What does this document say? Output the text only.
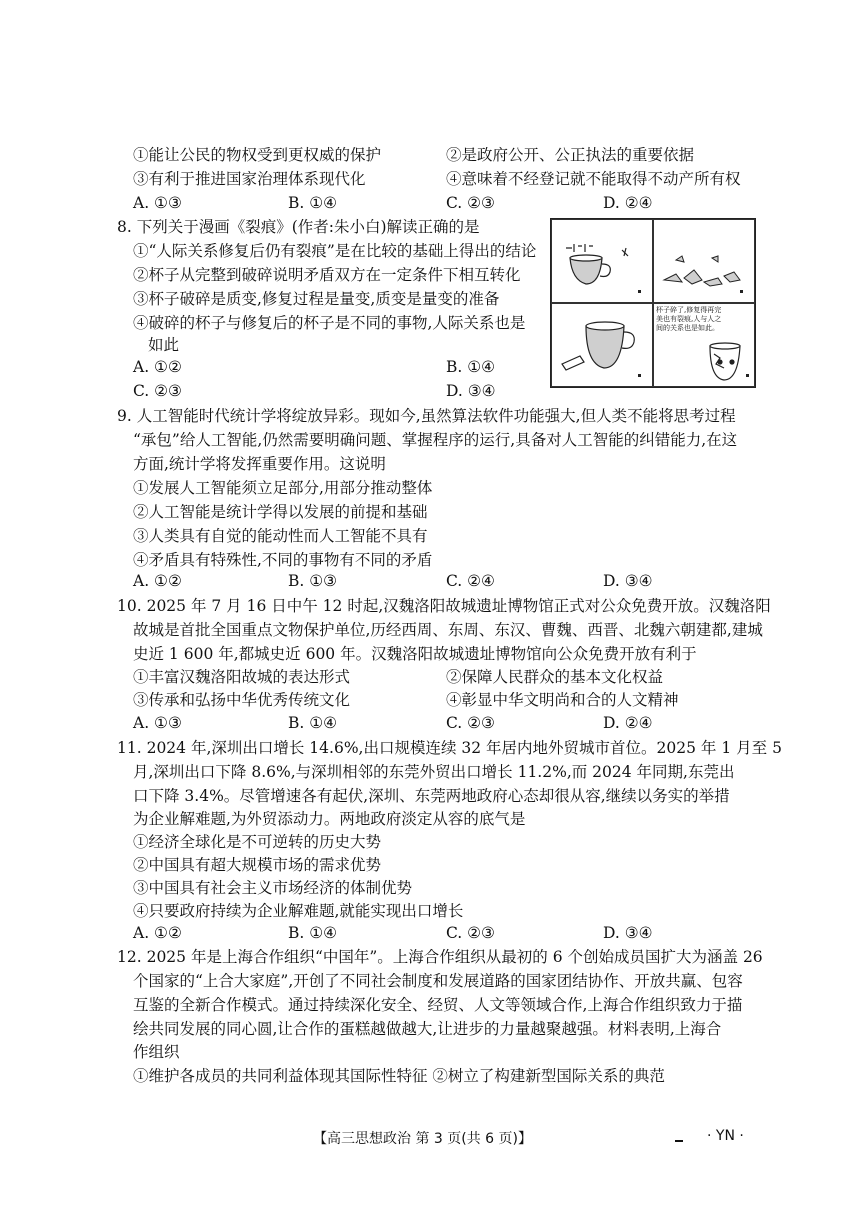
①能让公民的物权受到更权威的保护	②是政府公开、公正执法的重要依据
③有利于推进国家治理体系现代化	④意味着不经登记就不能取得不动产所有权
A. ①③	B. ①④	C. ②③	D. ②④
8. 下列关于漫画《裂痕》(作者:朱小白)解读正确的是
①“人际关系修复后仍有裂痕”是在比较的基础上得出的结论
②杯子从完整到破碎说明矛盾双方在一定条件下相互转化
③杯子破碎是质变,修复过程是量变,质变是量变的准备
④破碎的杯子与修复后的杯子是不同的事物,人际关系也是
如此
A. ①②	B. ①④
C. ②③	D. ③④
杯子碎了,修复得再完美也有裂痕,人与人之间的关系也是如此。
9. 人工智能时代统计学将绽放异彩。现如今,虽然算法软件功能强大,但人类不能将思考过程
“承包”给人工智能,仍然需要明确问题、掌握程序的运行,具备对人工智能的纠错能力,在这
方面,统计学将发挥重要作用。这说明
①发展人工智能须立足部分,用部分推动整体
②人工智能是统计学得以发展的前提和基础
③人类具有自觉的能动性而人工智能不具有
④矛盾具有特殊性,不同的事物有不同的矛盾
A. ①②	B. ①③	C. ②④	D. ③④
10. 2025 年 7 月 16 日中午 12 时起,汉魏洛阳故城遗址博物馆正式对公众免费开放。汉魏洛阳
故城是首批全国重点文物保护单位,历经西周、东周、东汉、曹魏、西晋、北魏六朝建都,建城
史近 1 600 年,都城史近 600 年。汉魏洛阳故城遗址博物馆向公众免费开放有利于
①丰富汉魏洛阳故城的表达形式	②保障人民群众的基本文化权益
③传承和弘扬中华优秀传统文化	④彰显中华文明尚和合的人文精神
A. ①③	B. ①④	C. ②③	D. ②④
11. 2024 年,深圳出口增长 14.6%,出口规模连续 32 年居内地外贸城市首位。2025 年 1 月至 5
月,深圳出口下降 8.6%,与深圳相邻的东莞外贸出口增长 11.2%,而 2024 年同期,东莞出
口下降 3.4%。尽管增速各有起伏,深圳、东莞两地政府心态却很从容,继续以务实的举措
为企业解难题,为外贸添动力。两地政府淡定从容的底气是
①经济全球化是不可逆转的历史大势
②中国具有超大规模市场的需求优势
③中国具有社会主义市场经济的体制优势
④只要政府持续为企业解难题,就能实现出口增长
A. ①②	B. ①④	C. ②③	D. ③④
12. 2025 年是上海合作组织“中国年”。上海合作组织从最初的 6 个创始成员国扩大为涵盖 26
个国家的“上合大家庭”,开创了不同社会制度和发展道路的国家团结协作、开放共赢、包容
互鉴的全新合作模式。通过持续深化安全、经贸、人文等领域合作,上海合作组织致力于描
绘共同发展的同心圆,让合作的蛋糕越做越大,让进步的力量越聚越强。材料表明,上海合
作组织
①维护各成员的共同利益体现其国际性特征 ②树立了构建新型国际关系的典范
【高三思想政治 第 3 页(共 6 页)】	· YN ·
